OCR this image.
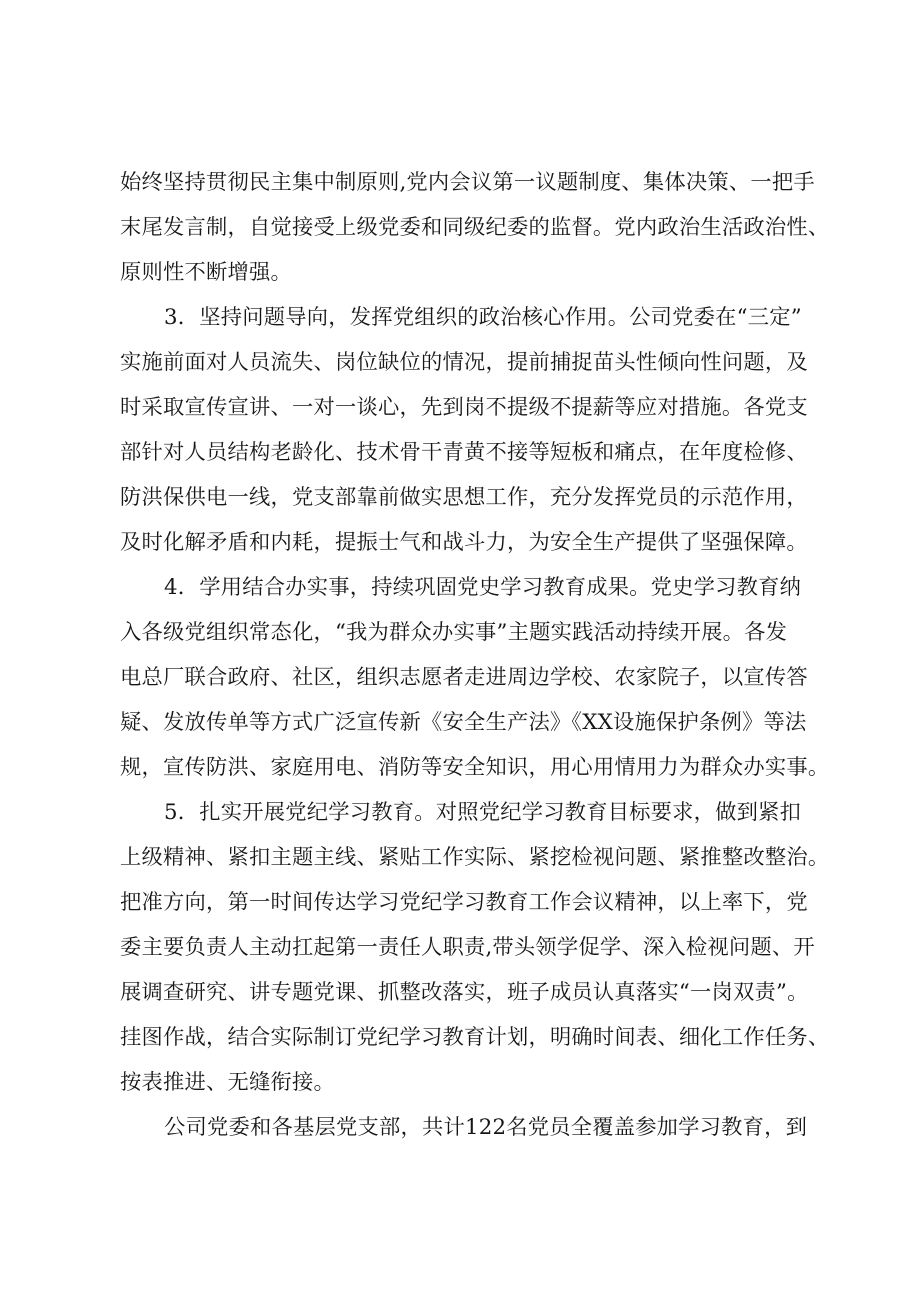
始终坚持贯彻民主集中制原则,党内会议第一议题制度、集体决策、一把手
末尾发言制，自觉接受上级党委和同级纪委的监督。党内政治生活政治性、
原则性不断增强。
3．坚持问题导向，发挥党组织的政治核心作用。公司党委在“三定”
实施前面对人员流失、岗位缺位的情况，提前捕捉苗头性倾向性问题，及
时采取宣传宣讲、一对一谈心，先到岗不提级不提薪等应对措施。各党支
部针对人员结构老龄化、技术骨干青黄不接等短板和痛点，在年度检修、
防洪保供电一线，党支部靠前做实思想工作，充分发挥党员的示范作用，
及时化解矛盾和内耗，提振士气和战斗力，为安全生产提供了坚强保障。
4．学用结合办实事，持续巩固党史学习教育成果。党史学习教育纳
入各级党组织常态化，“我为群众办实事”主题实践活动持续开展。各发
电总厂联合政府、社区，组织志愿者走进周边学校、农家院子，以宣传答
疑、发放传单等方式广泛宣传新《安全生产法》《XX设施保护条例》等法
规，宣传防洪、家庭用电、消防等安全知识，用心用情用力为群众办实事。
5．扎实开展党纪学习教育。对照党纪学习教育目标要求，做到紧扣
上级精神、紧扣主题主线、紧贴工作实际、紧挖检视问题、紧推整改整治。
把准方向，第一时间传达学习党纪学习教育工作会议精神，以上率下，党
委主要负责人主动扛起第一责任人职责,带头领学促学、深入检视问题、开
展调查研究、讲专题党课、抓整改落实，班子成员认真落实“一岗双责”。
挂图作战，结合实际制订党纪学习教育计划，明确时间表、细化工作任务、
按表推进、无缝衔接。
公司党委和各基层党支部，共计122名党员全覆盖参加学习教育，到
